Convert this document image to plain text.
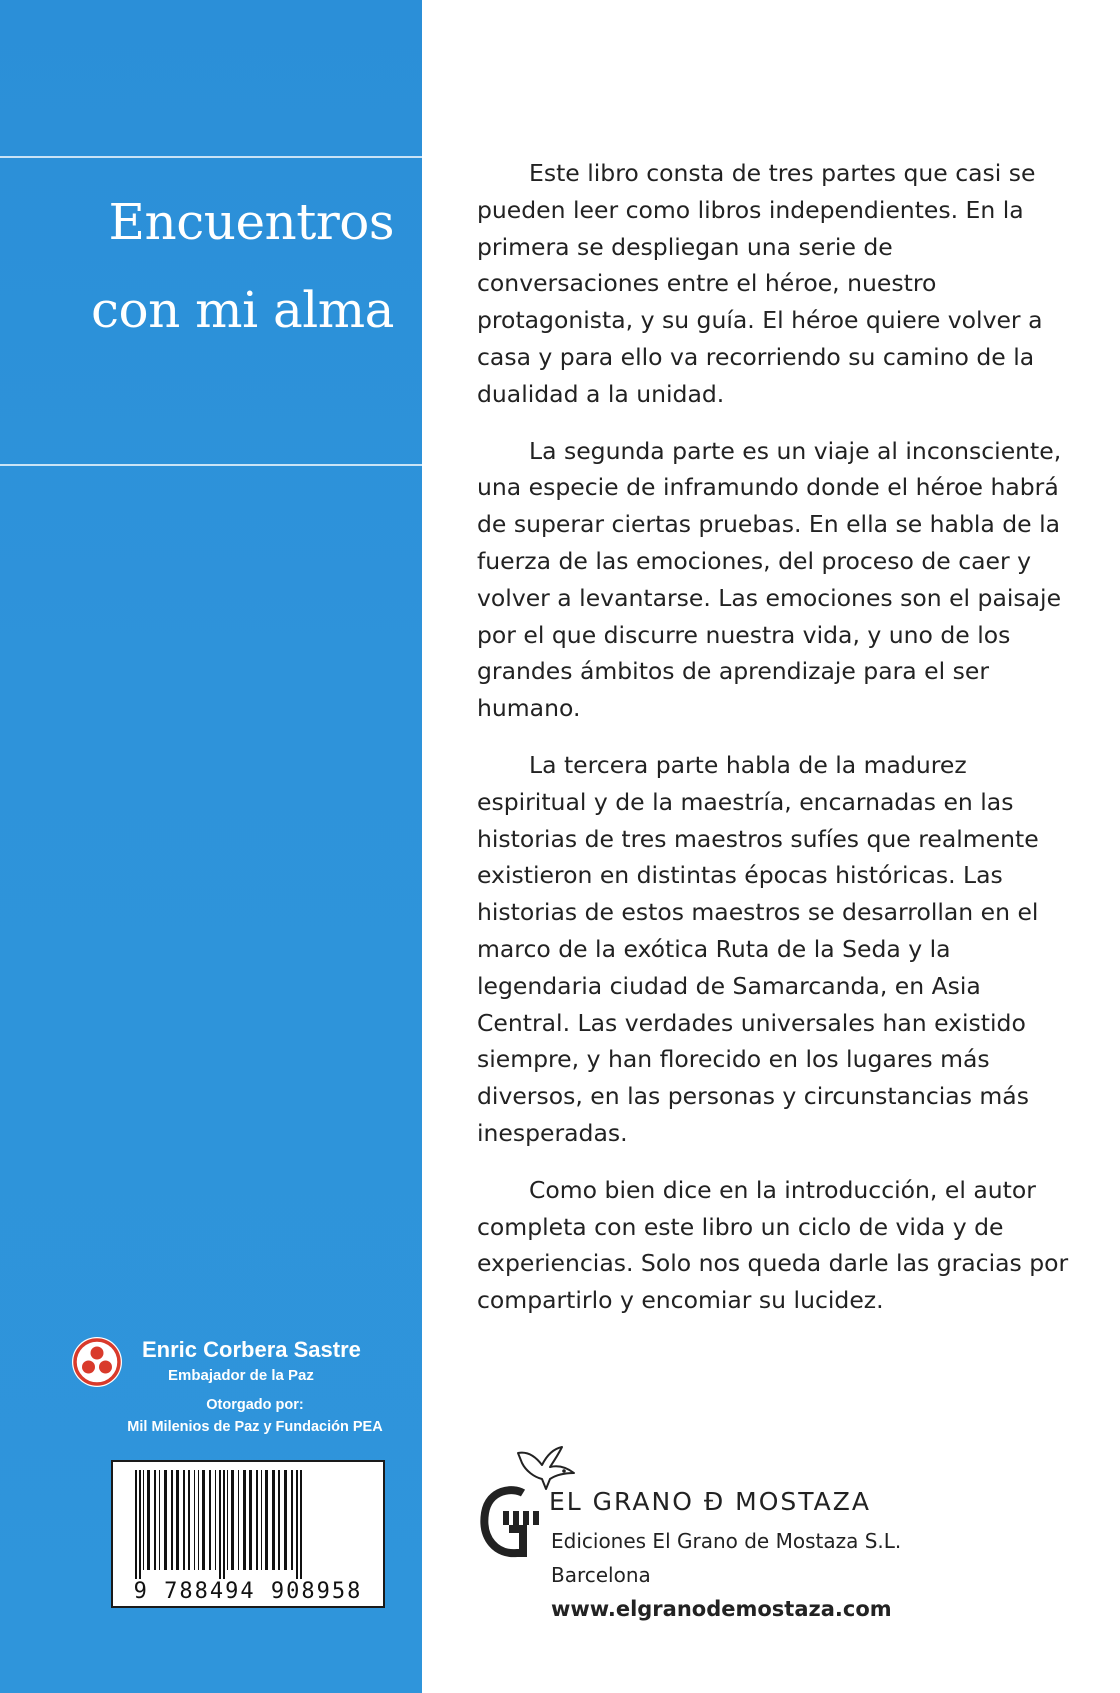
Encuentros
con mi alma
Enric Corbera Sastre
Embajador de la Paz
Otorgado por:
Mil Milenios de Paz y Fundación PEA
9 788494 908958

Este libro consta de tres partes que casi se pueden leer como libros independientes. En la primera se despliegan una serie de conversaciones entre el héroe, nuestro protagonista, y su guía. El héroe quiere volver a casa y para ello va recorriendo su camino de la dualidad a la unidad.

La segunda parte es un viaje al inconsciente, una especie de inframundo donde el héroe habrá de superar ciertas pruebas. En ella se habla de la fuerza de las emociones, del proceso de caer y volver a levantarse. Las emociones son el paisaje por el que discurre nuestra vida, y uno de los grandes ámbitos de aprendizaje para el ser humano.

La tercera parte habla de la madurez espiritual y de la maestría, encarnadas en las historias de tres maestros sufíes que realmente existieron en distintas épocas históricas. Las historias de estos maestros se desarrollan en el marco de la exótica Ruta de la Seda y la legendaria ciudad de Samarcanda, en Asia Central. Las verdades universales han existido siempre, y han florecido en los lugares más diversos, en las personas y circunstancias más inesperadas.

Como bien dice en la introducción, el autor completa con este libro un ciclo de vida y de experiencias. Solo nos queda darle las gracias por compartirlo y encomiar su lucidez.

EL GRANO Đ MOSTAZA
Ediciones El Grano de Mostaza S.L.
Barcelona
www.elgranodemostaza.com
